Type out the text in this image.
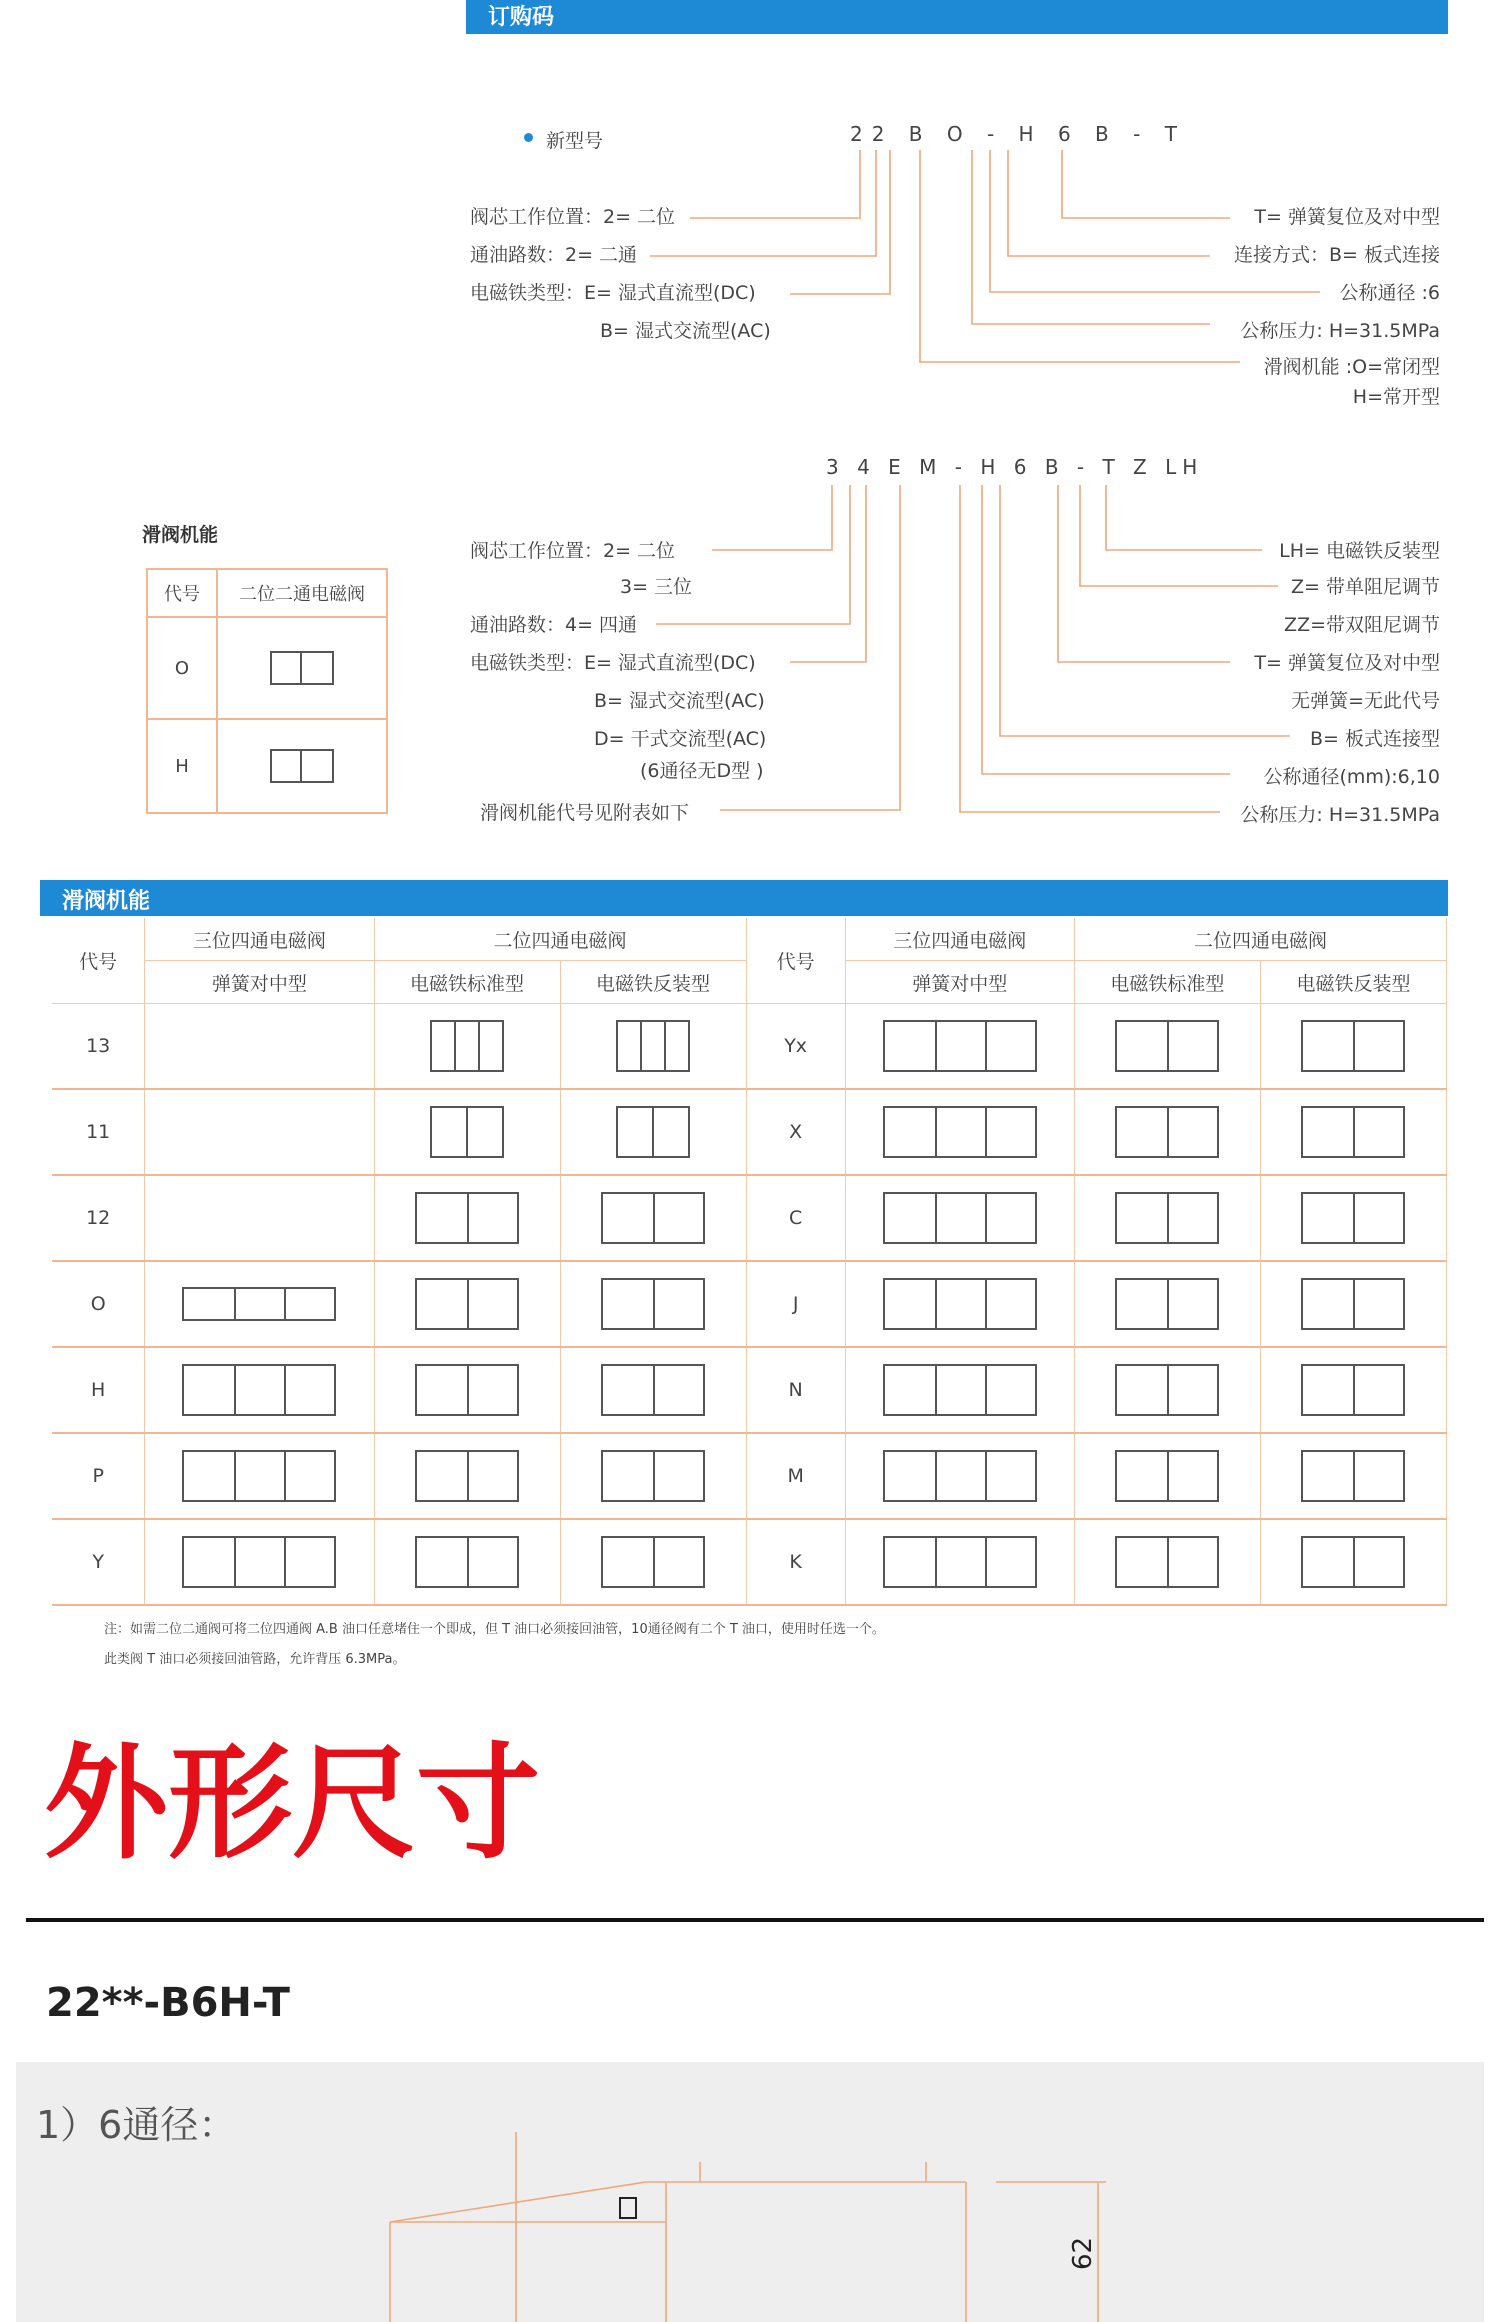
订购码
新型号	22 B O - H 6 B - T
阀芯工作位置：2= 二位
通油路数：2= 二通
电磁铁类型：E= 湿式直流型(DC)
B= 湿式交流型(AC)
T= 弹簧复位及对中型
连接方式：B= 板式连接
公称通径 :6
公称压力: H=31.5MPa
滑阀机能 :O=常闭型
H=常开型
3 4 E M - H 6 B - T Z LH
阀芯工作位置：2= 二位
3= 三位
通油路数：4= 四通
电磁铁类型：E= 湿式直流型(DC)
B= 湿式交流型(AC)
D= 干式交流型(AC)
(6通径无D型 )
滑阀机能代号见附表如下
LH= 电磁铁反装型
Z= 带单阻尼调节
ZZ=带双阻尼调节
T= 弹簧复位及对中型
无弹簧=无此代号
B= 板式连接型
公称通径(mm):6,10
公称压力: H=31.5MPa
滑阀机能
代号	二位二通电磁阀
O	

H	
滑阀机能
代号	三位四通电磁阀	二位四通电磁阀		代号	三位四通电磁阀	二位四通电磁阀	
	弹簧对中型	电磁铁标准型	电磁铁反装型		弹簧对中型	电磁铁标准型	电磁铁反装型
13				Yx	

11				X	

12				C	

O				J	

H				N	

P				M	

Y				K	

注：如需二位二通阀可将二位四通阀 A.B 油口任意堵住一个即成，但 T 油口必须接回油管，10通径阀有二个 T 油口，使用时任选一个。
此类阀 T 油口必须接回油管路，允许背压 6.3MPa。
外形尺寸
22**-B6H-T
1）6通径：
62
